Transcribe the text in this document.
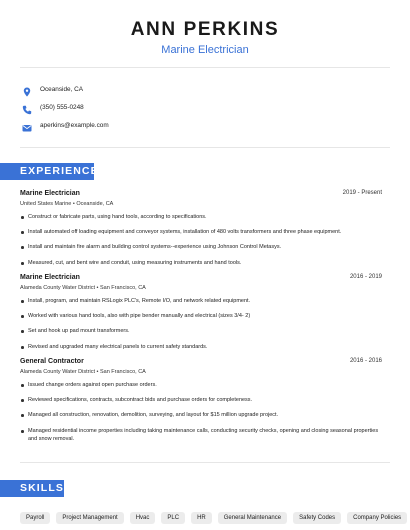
ANN PERKINS
Marine Electrician
Oceanside, CA
(350) 555-0248
aperkins@example.com
EXPERIENCE
Marine Electrician	2019 - Present
United States Marine • Oceanside, CA
Construct or fabricate parts, using hand tools, according to specifications.
Install automated off loading equipment and conveyor systems, installation of 480 volts transformers and three phase equipment.
Install and maintain fire alarm and building control systems--experience using Johnson Control Metasys.
Measured, cut, and bent wire and conduit, using measuring instruments and hand tools.
Marine Electrician	2016 - 2019
Alameda County Water District • San Francisco, CA
Install, program, and maintain RSLogix PLC's, Remote I/O, and network related equipment.
Worked with various hand tools, also with pipe bender manually and electrical (sizes 3/4- 2)
Set and hook up pad mount transformers.
Revised and upgraded many electrical panels to current safety standards.
General Contractor	2016 - 2016
Alameda County Water District • San Francisco, CA
Issued change orders against open purchase orders.
Reviewed specifications, contracts, subcontract bids and purchase orders for completeness.
Managed all construction, renovation, demolition, surveying, and layout for $15 million upgrade project.
Managed residential income properties including taking maintenance calls, conducting security checks, opening and closing seasonal properties and snow removal.
SKILLS
Payroll	Project Management	Hvac	PLC	HR	General Maintenance	Safety Codes	Company Policies
